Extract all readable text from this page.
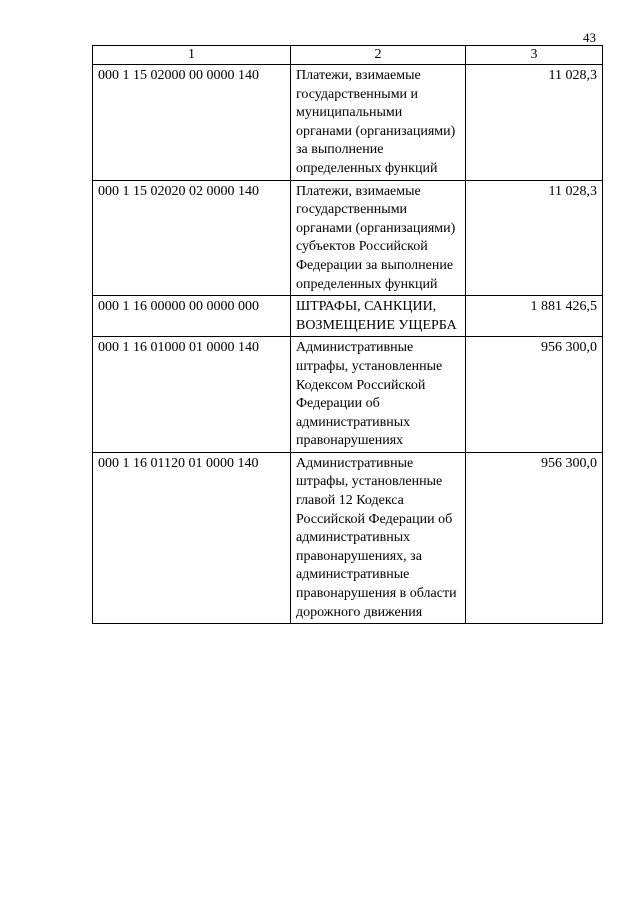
43
1	2	3
000 1 15 02000 00 0000 140	Платежи, взимаемые государственными и муниципальными органами (организациями) за выполнение определенных функций	11 028,3
000 1 15 02020 02 0000 140	Платежи, взимаемые государственными органами (организациями) субъектов Российской Федерации за выполнение определенных функций	11 028,3
000 1 16 00000 00 0000 000	ШТРАФЫ, САНКЦИИ, ВОЗМЕЩЕНИЕ УЩЕРБА	1 881 426,5
000 1 16 01000 01 0000 140	Административные штрафы, установленные Кодексом Российской Федерации об административных правонарушениях	956 300,0
000 1 16 01120 01 0000 140	Административные штрафы, установленные главой 12 Кодекса Российской Федерации об административных правонарушениях, за административные правонарушения в области дорожного движения	956 300,0
